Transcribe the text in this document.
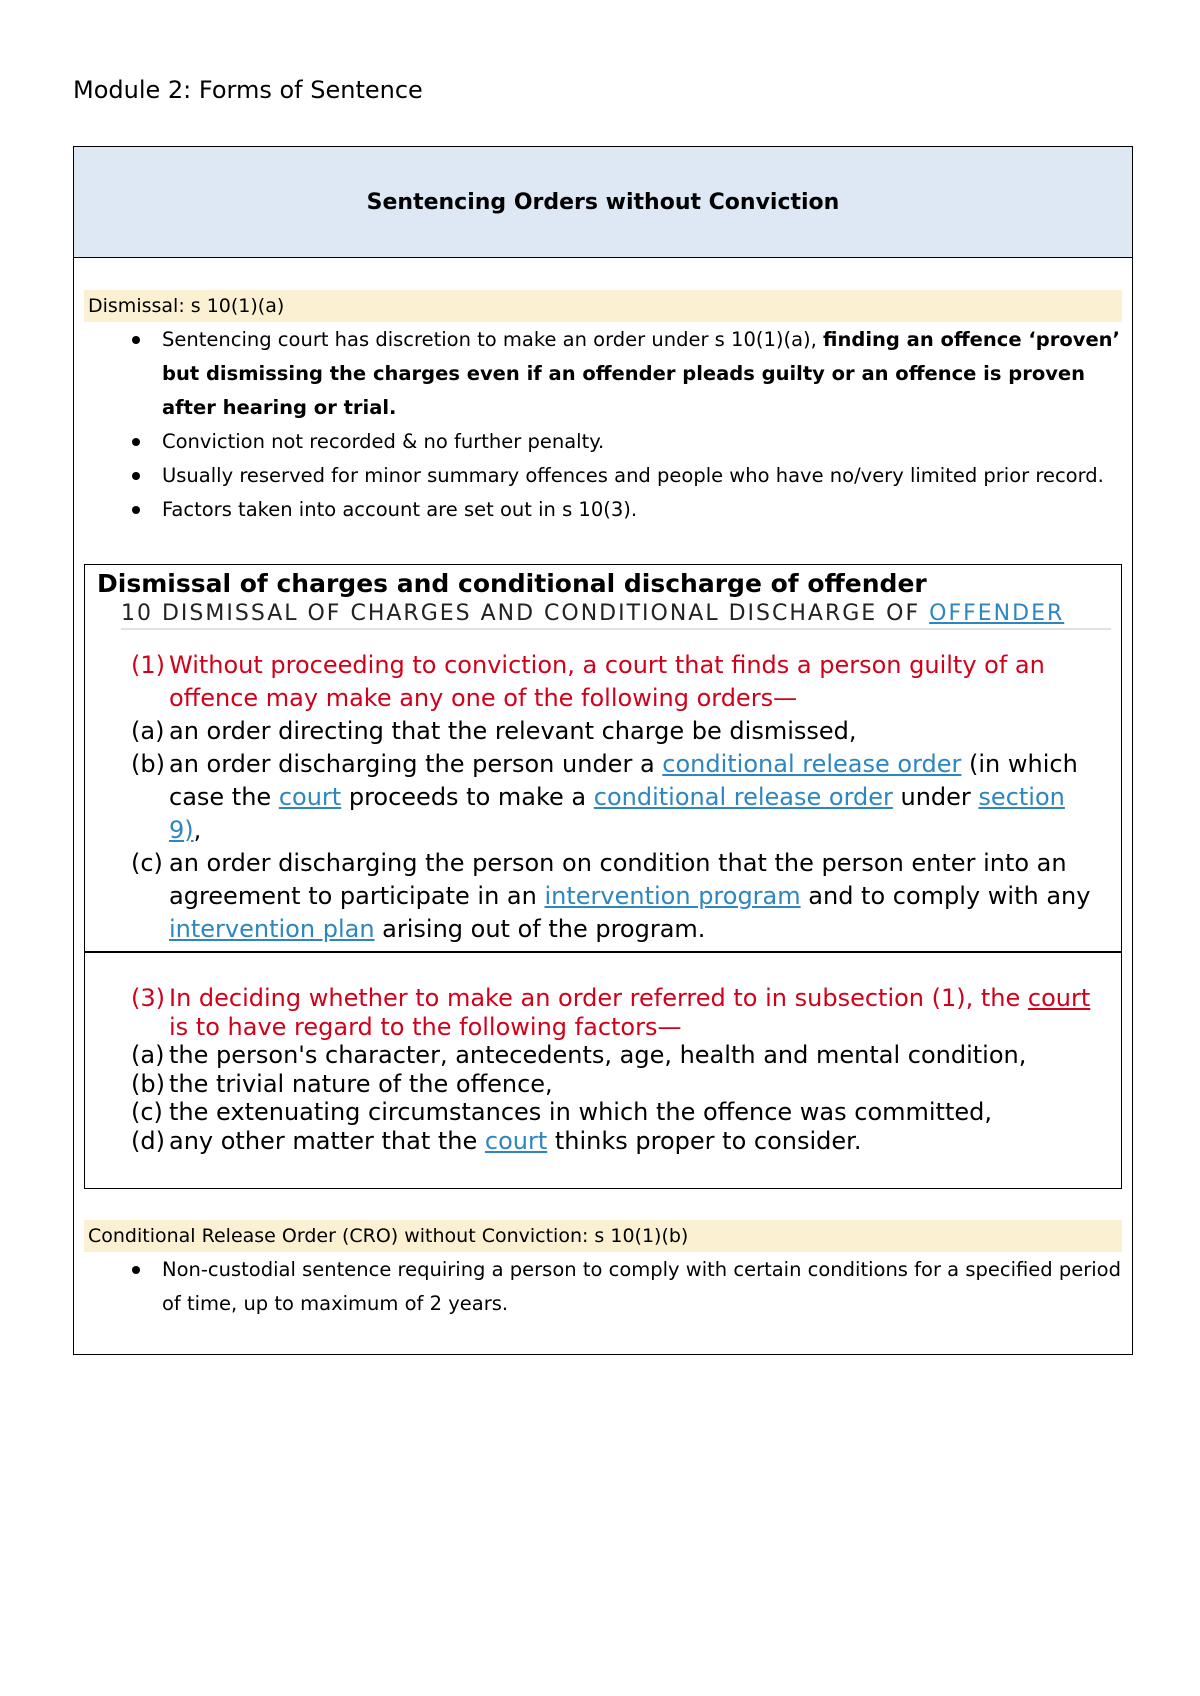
Module 2: Forms of Sentence
Sentencing Orders without Conviction
Dismissal: s 10(1)(a)
Sentencing court has discretion to make an order under s 10(1)(a), finding an offence ‘proven’ but dismissing the charges even if an offender pleads guilty or an offence is proven after hearing or trial.
Conviction not recorded & no further penalty.
Usually reserved for minor summary offences and people who have no/very limited prior record.
Factors taken into account are set out in s 10(3).
Dismissal of charges and conditional discharge of offender
10 DISMISSAL OF CHARGES AND CONDITIONAL DISCHARGE OF OFFENDER
(1) Without proceeding to conviction, a court that finds a person guilty of an offence may make any one of the following orders—
(a) an order directing that the relevant charge be dismissed,
(b) an order discharging the person under a conditional release order (in which case the court proceeds to make a conditional release order under section 9),
(c) an order discharging the person on condition that the person enter into an agreement to participate in an intervention program and to comply with any intervention plan arising out of the program.
(3) In deciding whether to make an order referred to in subsection (1), the court is to have regard to the following factors—
(a) the person's character, antecedents, age, health and mental condition,
(b) the trivial nature of the offence,
(c) the extenuating circumstances in which the offence was committed,
(d) any other matter that the court thinks proper to consider.
Conditional Release Order (CRO) without Conviction: s 10(1)(b)
Non-custodial sentence requiring a person to comply with certain conditions for a specified period of time, up to maximum of 2 years.
